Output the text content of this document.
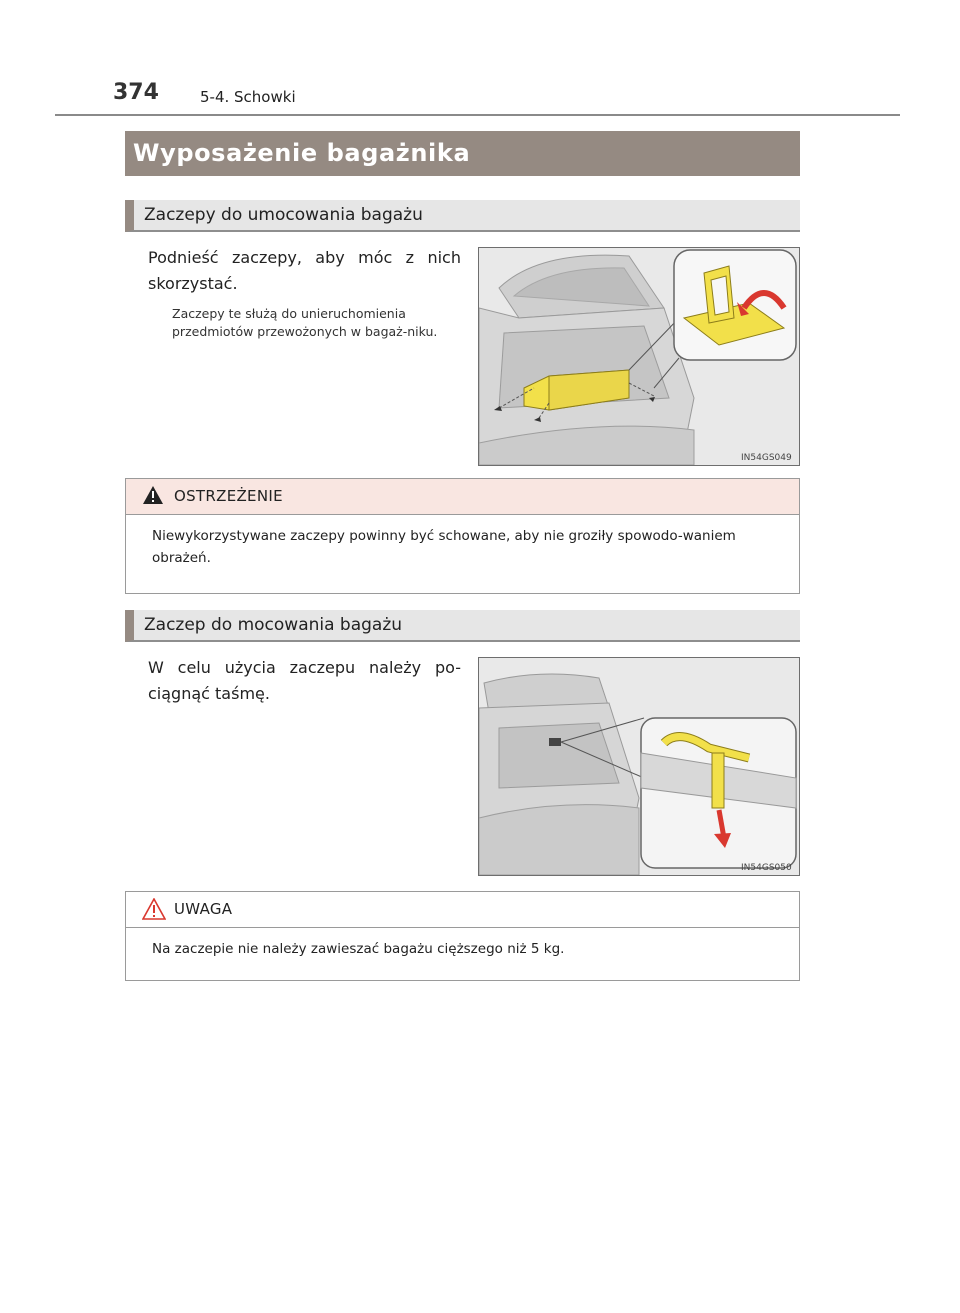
374	5-4. Schowki
Wyposażenie bagażnika
Zaczepy do umocowania bagażu
Podnieść zaczepy, aby móc z nich skorzystać.
Zaczepy te służą do unieruchomienia przedmiotów przewożonych w bagaż-niku.
IN54GS049
OSTRZEŻENIE
Niewykorzystywane zaczepy powinny być schowane, aby nie groziły spowodo-waniem obrażeń.
Zaczep do mocowania bagażu
W celu użycia zaczepu należy po-ciągnąć taśmę.
IN54GS050
UWAGA
Na zaczepie nie należy zawieszać bagażu cięższego niż 5 kg.
